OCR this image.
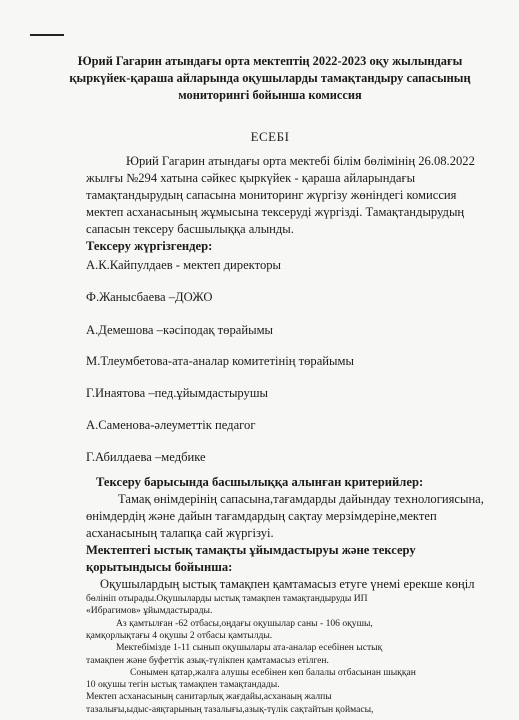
Юрий Гагарин атындағы орта мектептің 2022-2023 оқу жылындағы
қыркүйек-қараша айларында оқушыларды тамақтандыру сапасының
мониторингі бойынша комиссия
ЕСЕБІ
Юрий Гагарин атындағы орта мектебі білім бөлімінің 26.08.2022
жылғы №294 хатына сәйкес қыркүйек - қараша айларындағы
тамақтандырудың сапасына мониторинг жүргізу жөніндегі комиссия
мектеп асханасының жұмысына тексеруді жүргізді. Тамақтандырудың
сапасын тексеру басшылыққа алынды.
Тексеру жүргізгендер:
А.К.Кайпулдаев - мектеп директоры
Ф.Жанысбаева –ДОЖО
А.Демешова –кәсіподақ төрайымы
М.Тлеумбетова-ата-аналар комитетінің төрайымы
Г.Инаятова –пед.ұйымдастырушы
А.Саменова-әлеуметтік педагог
Г.Абилдаева –медбике
Тексеру барысында басшылыққа алынған критерийлер:
Тамақ өнімдерінің сапасына,тағамдарды дайындау технологиясына,
өнімдердің және дайын тағамдардың сақтау мерзімдеріне,мектеп
асханасының талапқа сай жүргізуі.
Мектептегі ыстық тамақты ұйымдастыруы және тексеру
қорытындысы бойынша:
Оқушылардың ыстық тамақпен қамтамасыз етуге үнемі ерекше көңіл
бөлініп отырады.Оқушыларды ыстық тамақпен тамақтандыруды ИП
«Ибрагимов» ұйымдастырады.
Аз қамтылған -62 отбасы,оңдағы оқушылар саны - 106 оқушы,
қамқорлықтағы 4 оқушы 2 отбасы қамтылды.
Мектебімізде 1-11 сынып оқушылары ата-аналар есебінен ыстық
тамақпен және буфеттік азық-түлікпен қамтамасыз етілген.
Сонымен қатар,жалға алушы есебінен көп балалы отбасынан шыққан
10 оқушы тегін ыстық тамақпен тамақтандады.
Мектеп асханасының санитарлық жағдайы,асханаың жалпы
тазалығы,ыдыс-аяқтарының тазалығы,азық-түлік сақтайтын қоймасы,
